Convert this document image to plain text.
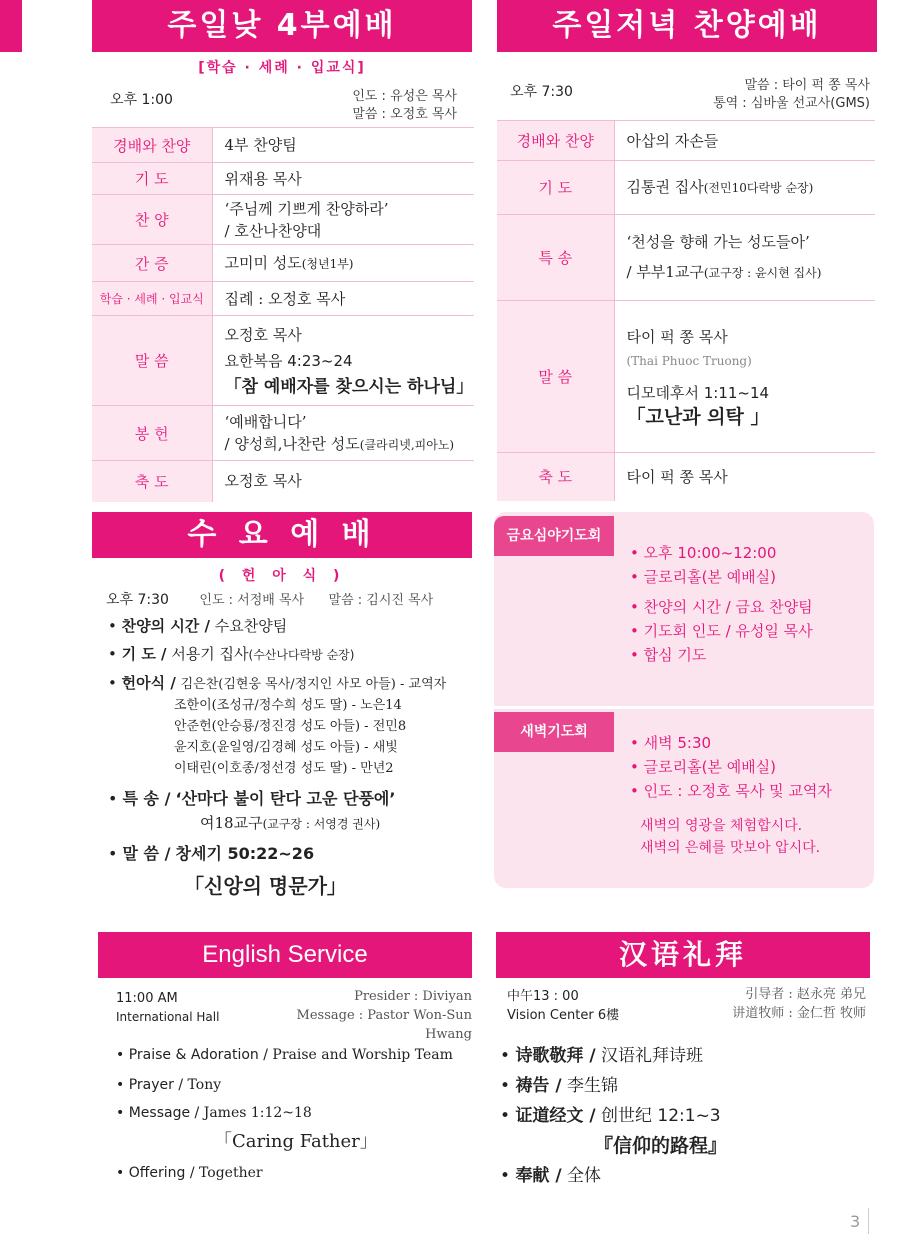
주일낮 4부예배
[학습 · 세례 · 입교식]
오후 1:00	인도 : 유성은 목사
말씀 : 오정호 목사
경배와 찬양	4부 찬양팀
기 도	위재용 목사
찬 양	‘주님께 기쁘게 찬양하라’
/ 호산나찬양대

간 증	고미미 성도(청년1부)
학습 · 세례 · 입교식	집례 : 오정호 목사
말 씀	오정호 목사
요한복음 4:23~24
「참 예배자를 찾으시는 하나님」

봉 헌	‘예배합니다’
/ 양성희,나찬란 성도(클라리넷,피아노)

축 도	오정호 목사
주일저녁 찬양예배
오후 7:30	말씀 : 타이 퍽 쫑 목사
통역 : 심바울 선교사(GMS)
경배와 찬양	아삽의 자손들
기 도	김통권 집사(전민10다락방 순장)
특 송	‘천성을 향해 가는 성도들아’
/ 부부1교구(교구장 : 윤시현 집사)

말 씀	타이 퍽 쫑 목사
(Thai Phuoc Truong)
디모데후서 1:11~14
「고난과 의탁 」

축 도	타이 퍽 쫑 목사
수 요 예 배
( 헌 아 식 )
오후 7:30 인도 : 서정배 목사 말씀 : 김시진 목사
• 찬양의 시간 / 수요찬양팀
• 기 도 / 서용기 집사(수산나다락방 순장)
• 헌아식 / 김은찬(김현웅 목사/정지인 사모 아들) - 교역자
조한이(조성규/정수희 성도 딸) - 노은14
안준헌(안승룡/정진경 성도 아들) - 전민8
윤지호(윤일영/김경혜 성도 아들) - 새빛
이태린(이호종/정선경 성도 딸) - 만년2
• 특 송 / ‘산마다 불이 탄다 고운 단풍에’
여18교구(교구장 : 서영경 권사)
• 말 씀 / 창세기 50:22~26
「신앙의 명문가」
금요심야기도회
• 오후 10:00~12:00
• 글로리홀(본 예배실)
• 찬양의 시간 / 금요 찬양팀
• 기도회 인도 / 유성일 목사
• 합심 기도
새벽기도회
• 새벽 5:30
• 글로리홀(본 예배실)
• 인도 : 오정호 목사 및 교역자
새벽의 영광을 체험합시다.
새벽의 은혜를 맛보아 압시다.
English Service
11:00 AM
International Hall
Presider : Diviyan
Message : Pastor Won-Sun Hwang
• Praise & Adoration / Praise and Worship Team
• Prayer / Tony
• Message / James 1:12~18
「Caring Father」
• Offering / Together
汉语礼拜
中午13 : 00
Vision Center 6樓
引导者 : 赵永亮 弟兄
讲道牧师 : 金仁哲 牧师
• 诗歌敬拜 / 汉语礼拜诗班
• 祷告 / 李生锦
• 证道经文 / 创世纪 12:1~3
『信仰的路程』
• 奉献 / 全体
3
